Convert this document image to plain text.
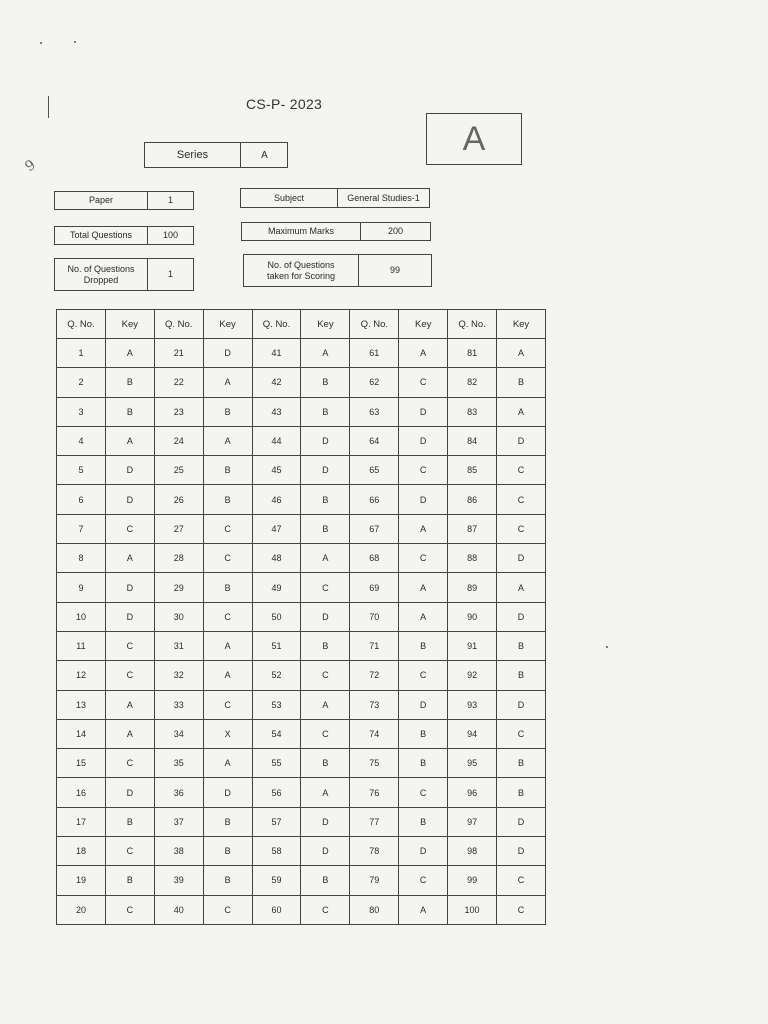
9
CS-P- 2023
Series	A	A
Paper	1	Subject	General Studies-1
Total Questions	100	Maximum Marks	200
No. of Questions
Dropped
1
No. of Questions
taken for Scoring
99
Q. No.	Key	Q. No.	Key	Q. No.	Key	Q. No.	Key	Q. No.	Key
1	A	21	D	41	A	61	A	81	A
2	B	22	A	42	B	62	C	82	B
3	B	23	B	43	B	63	D	83	A
4	A	24	A	44	D	64	D	84	D
5	D	25	B	45	D	65	C	85	C
6	D	26	B	46	B	66	D	86	C
7	C	27	C	47	B	67	A	87	C
8	A	28	C	48	A	68	C	88	D
9	D	29	B	49	C	69	A	89	A
10	D	30	C	50	D	70	A	90	D
11	C	31	A	51	B	71	B	91	B
12	C	32	A	52	C	72	C	92	B
13	A	33	C	53	A	73	D	93	D
14	A	34	X	54	C	74	B	94	C
15	C	35	A	55	B	75	B	95	B
16	D	36	D	56	A	76	C	96	B
17	B	37	B	57	D	77	B	97	D
18	C	38	B	58	D	78	D	98	D
19	B	39	B	59	B	79	C	99	C
20	C	40	C	60	C	80	A	100	C
